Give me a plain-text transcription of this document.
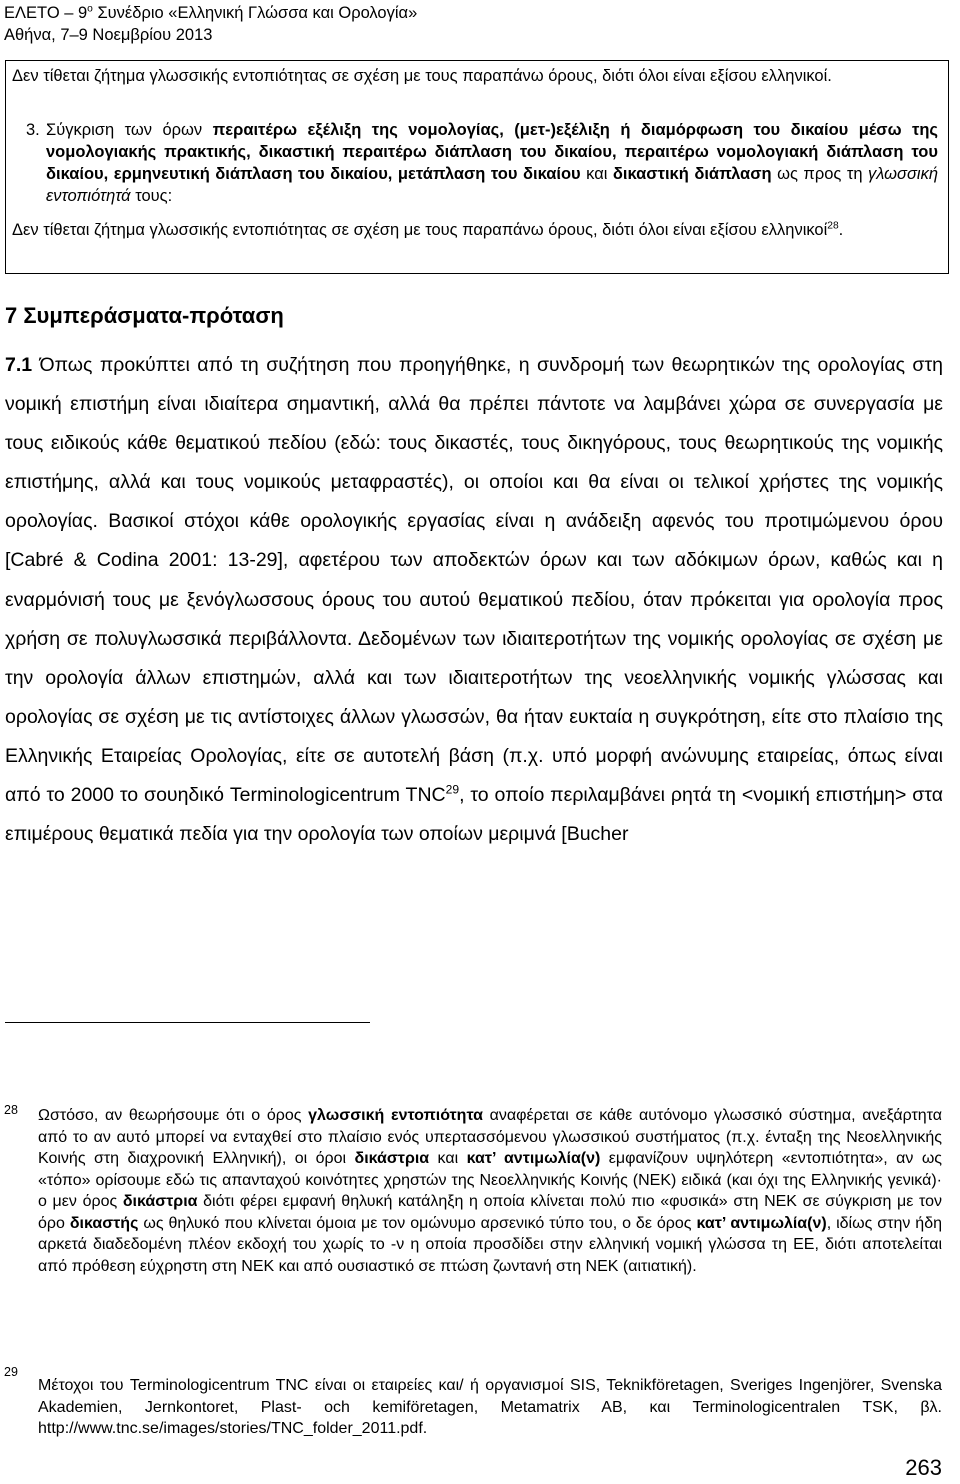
ΕΛΕΤΟ – $9^o$ Συνέδριο «Ελληνική Γλώσσα και Ορολογία»
Αθήνα, 7–9 Νοεμβρίου 2013
Δεν τίθεται ζήτημα γλωσσικής εντοπιότητας σε σχέση με τους παραπάνω όρους, διότι όλοι είναι εξίσου ελληνικοί.
3. Σύγκριση των όρων περαιτέρω εξέλιξη της νομολογίας, (μετ-)εξέλιξη ή διαμόρφωση του δικαίου μέσω της νομολογιακής πρακτικής, δικαστική περαιτέρω διάπλαση του δικαίου, περαιτέρω νομολογιακή διάπλαση του δικαίου, ερμηνευτική διάπλαση του δικαίου, μετάπλαση του δικαίου και δικαστική διάπλαση ως προς τη γλωσσική εντοπιότητά τους:
Δεν τίθεται ζήτημα γλωσσικής εντοπιότητας σε σχέση με τους παραπάνω όρους, διότι όλοι είναι εξίσου ελληνικοί$^{28}$.
7 Συμπεράσματα-πρόταση
7.1 Όπως προκύπτει από τη συζήτηση που προηγήθηκε, η συνδρομή των θεωρητικών της ορολογίας στη νομική επιστήμη είναι ιδιαίτερα σημαντική, αλλά θα πρέπει πάντοτε να λαμβάνει χώρα σε συνεργασία με τους ειδικούς κάθε θεματικού πεδίου (εδώ: τους δικαστές, τους δικηγόρους, τους θεωρητικούς της νομικής επιστήμης, αλλά και τους νομικούς μεταφραστές), οι οποίοι και θα είναι οι τελικοί χρήστες της νομικής ορολογίας. Βασικοί στόχοι κάθε ορολογικής εργασίας είναι η ανάδειξη αφενός του προτιμώμενου όρου [Cabré & Codina 2001: 13-29], αφετέρου των αποδεκτών όρων και των αδόκιμων όρων, καθώς και η εναρμόνισή τους με ξενόγλωσσους όρους του αυτού θεματικού πεδίου, όταν πρόκειται για ορολογία προς χρήση σε πολυγλωσσικά περιβάλλοντα. Δεδομένων των ιδιαιτεροτήτων της νομικής ορολογίας σε σχέση με την ορολογία άλλων επιστημών, αλλά και των ιδιαιτεροτήτων της νεοελληνικής νομικής γλώσσας και ορολογίας σε σχέση με τις αντίστοιχες άλλων γλωσσών, θα ήταν ευκταία η συγκρότηση, είτε στο πλαίσιο της Ελληνικής Εταιρείας Ορολογίας, είτε σε αυτοτελή βάση (π.χ. υπό μορφή ανώνυμης εταιρείας, όπως είναι από το 2000 το σουηδικό Terminologicentrum TNC$^{29}$, το οποίο περιλαμβάνει ρητά τη <νομική επιστήμη> στα επιμέρους θεματικά πεδία για την ορολογία των οποίων μεριμνά [Bucher
28 Ωστόσο, αν θεωρήσουμε ότι ο όρος γλωσσική εντοπιότητα αναφέρεται σε κάθε αυτόνομο γλωσσικό σύστημα, ανεξάρτητα από το αν αυτό μπορεί να ενταχθεί στο πλαίσιο ενός υπερτασσόμενου γλωσσικού συστήματος (π.χ. ένταξη της Νεοελληνικής Κοινής στη διαχρονική Ελληνική), οι όροι δικάστρια και κατ’ αντιμωλία(ν) εμφανίζουν υψηλότερη «εντοπιότητα», αν ως «τόπο» ορίσουμε εδώ τις απανταχού κοινότητες χρηστών της Νεοελληνικής Κοινής (ΝΕΚ) ειδικά (και όχι της Ελληνικής γενικά)· ο μεν όρος δικάστρια διότι φέρει εμφανή θηλυκή κατάληξη η οποία κλίνεται πολύ πιο «φυσικά» στη ΝΕΚ σε σύγκριση με τον όρο δικαστής ως θηλυκό που κλίνεται όμοια με τον ομώνυμο αρσενικό τύπο του, ο δε όρος κατ’ αντιμωλία(ν), ιδίως στην ήδη αρκετά διαδεδομένη πλέον εκδοχή του χωρίς το -ν η οποία προσδίδει στην ελληνική νομική γλώσσα τη ΕΕ, διότι αποτελείται από πρόθεση εύχρηστη στη ΝΕΚ και από ουσιαστικό σε πτώση ζωντανή στη ΝΕΚ (αιτιατική).
29
Μέτοχοι του Terminologicentrum TNC είναι οι εταιρείες και/ ή οργανισμοί SIS, Teknikföretagen, Sveriges Ingenjörer, Svenska Akademien, Jernkontoret, Plast- och kemiföretagen, Metamatrix AB, και Terminologicentralen TSK, βλ. http://www.tnc.se/images/stories/TNC_folder_2011.pdf.
263
